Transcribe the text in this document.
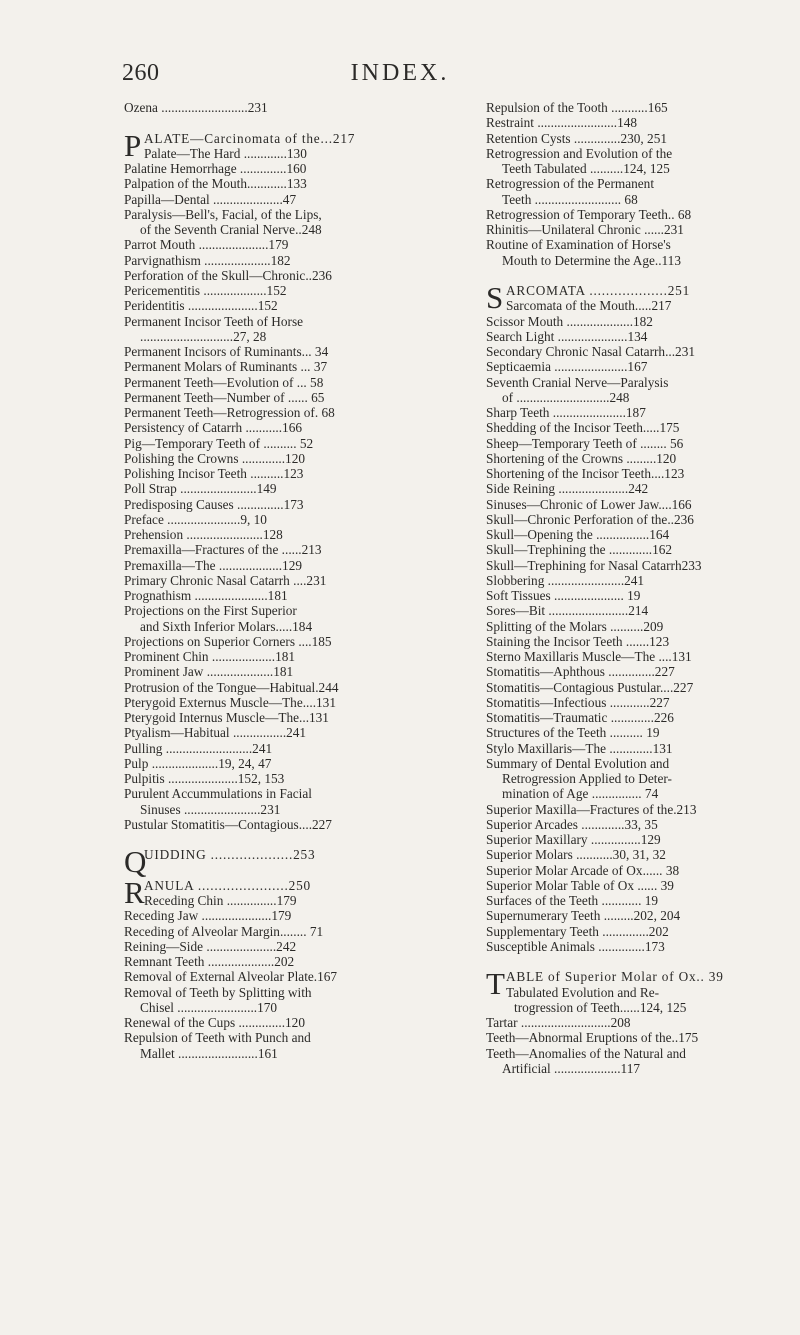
260	INDEX.
Ozena ..........................231
P ALATE—Carcinomata of the...217
Palate—The Hard .............130
Palatine Hemorrhage ..............160
Palpation of the Mouth............133
Papilla—Dental .....................47
Paralysis—Bell's, Facial, of the Lips,
of the Seventh Cranial Nerve..248
Parrot Mouth .....................179
Parvignathism ....................182
Perforation of the Skull—Chronic..236
Pericementitis ...................152
Peridentitis .....................152
Permanent Incisor Teeth of Horse
............................27, 28
Permanent Incisors of Ruminants... 34
Permanent Molars of Ruminants ... 37
Permanent Teeth—Evolution of ... 58
Permanent Teeth—Number of ...... 65
Permanent Teeth—Retrogression of. 68
Persistency of Catarrh ...........166
Pig—Temporary Teeth of .......... 52
Polishing the Crowns .............120
Polishing Incisor Teeth ..........123
Poll Strap .......................149
Predisposing Causes ..............173
Preface ......................9, 10
Prehension .......................128
Premaxilla—Fractures of the ......213
Premaxilla—The ...................129
Primary Chronic Nasal Catarrh ....231
Prognathism ......................181
Projections on the First Superior
and Sixth Inferior Molars.....184
Projections on Superior Corners ....185
Prominent Chin ...................181
Prominent Jaw ....................181
Protrusion of the Tongue—Habitual.244
Pterygoid Externus Muscle—The....131
Pterygoid Internus Muscle—The...131
Ptyalism—Habitual ................241
Pulling ..........................241
Pulp ....................19, 24, 47
Pulpitis .....................152, 153
Purulent Accummulations in Facial
Sinuses .......................231
Pustular Stomatitis—Contagious....227
Q
UIDDING ....................253
R ANULA ......................250
Receding Chin ...............179
Receding Jaw .....................179
Receding of Alveolar Margin........ 71
Reining—Side .....................242
Remnant Teeth ....................202
Removal of External Alveolar Plate.167
Removal of Teeth by Splitting with
Chisel ........................170
Renewal of the Cups ..............120
Repulsion of Teeth with Punch and
Mallet ........................161
Repulsion of the Tooth ...........165
Restraint ........................148
Retention Cysts ..............230, 251
Retrogression and Evolution of the
Teeth Tabulated ..........124, 125
Retrogression of the Permanent
Teeth .......................... 68
Retrogression of Temporary Teeth.. 68
Rhinitis—Unilateral Chronic ......231
Routine of Examination of Horse's
Mouth to Determine the Age..113
S ARCOMATA ...................251
Sarcomata of the Mouth.....217
Scissor Mouth ....................182
Search Light .....................134
Secondary Chronic Nasal Catarrh...231
Septicaemia ......................167
Seventh Cranial Nerve—Paralysis
of ............................248
Sharp Teeth ......................187
Shedding of the Incisor Teeth.....175
Sheep—Temporary Teeth of ........ 56
Shortening of the Crowns .........120
Shortening of the Incisor Teeth....123
Side Reining .....................242
Sinuses—Chronic of Lower Jaw....166
Skull—Chronic Perforation of the..236
Skull—Opening the ................164
Skull—Trephining the .............162
Skull—Trephining for Nasal Catarrh233
Slobbering .......................241
Soft Tissues ..................... 19
Sores—Bit ........................214
Splitting of the Molars ..........209
Staining the Incisor Teeth .......123
Sterno Maxillaris Muscle—The ....131
Stomatitis—Aphthous ..............227
Stomatitis—Contagious Pustular....227
Stomatitis—Infectious ............227
Stomatitis—Traumatic .............226
Structures of the Teeth .......... 19
Stylo Maxillaris—The .............131
Summary of Dental Evolution and
Retrogression Applied to Deter-
mination of Age ............... 74
Superior Maxilla—Fractures of the.213
Superior Arcades .............33, 35
Superior Maxillary ...............129
Superior Molars ...........30, 31, 32
Superior Molar Arcade of Ox...... 38
Superior Molar Table of Ox ...... 39
Surfaces of the Teeth ............ 19
Supernumerary Teeth .........202, 204
Supplementary Teeth ..............202
Susceptible Animals ..............173
T ABLE of Superior Molar of Ox.. 39
Tabulated Evolution and Re-
trogression of Teeth......124, 125
Tartar ...........................208
Teeth—Abnormal Eruptions of the..175
Teeth—Anomalies of the Natural and
Artificial ....................117
